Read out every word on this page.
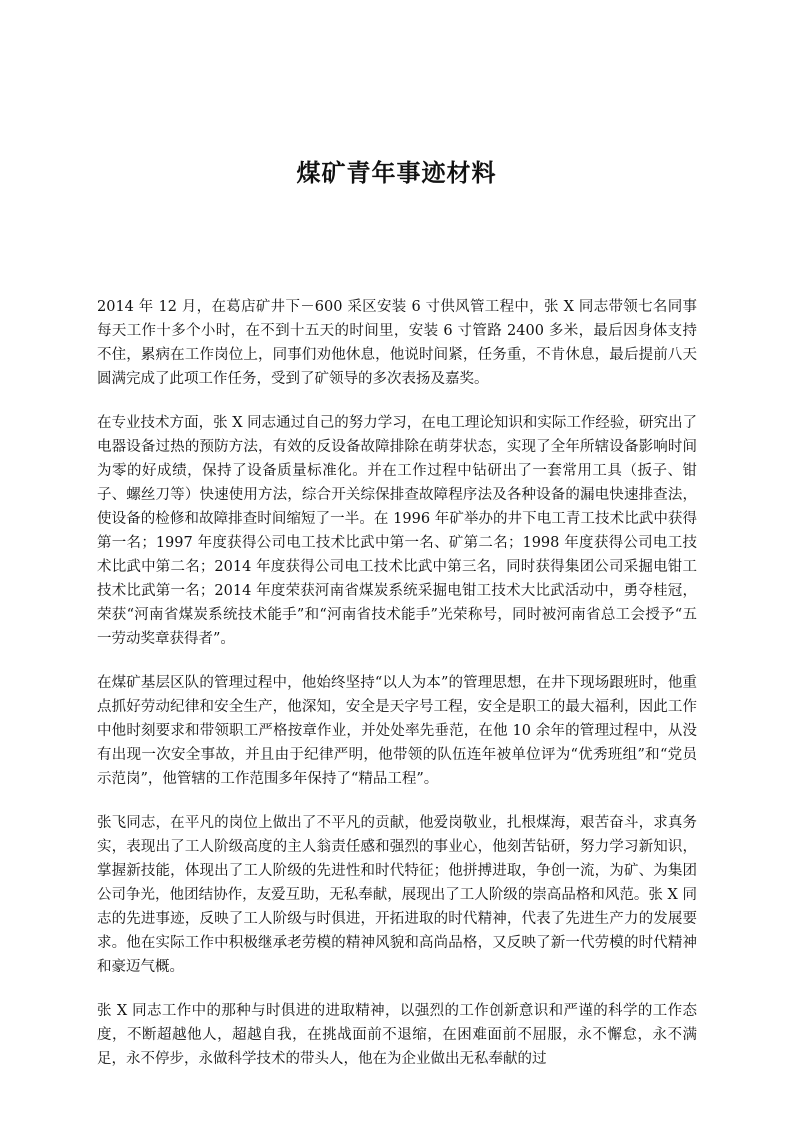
煤矿青年事迹材料

2014 年 12 月，在葛店矿井下－600 采区安装 6 寸供风管工程中，张 X 同志带领七名同事每天工作十多个小时，在不到十五天的时间里，安装 6 寸管路 2400 多米，最后因身体支持不住，累病在工作岗位上，同事们劝他休息，他说时间紧，任务重，不肯休息，最后提前八天圆满完成了此项工作任务，受到了矿领导的多次表扬及嘉奖。

在专业技术方面，张 X 同志通过自己的努力学习，在电工理论知识和实际工作经验，研究出了电器设备过热的预防方法，有效的反设备故障排除在萌芽状态，实现了全年所辖设备影响时间为零的好成绩，保持了设备质量标准化。并在工作过程中钻研出了一套常用工具（扳子、钳子、螺丝刀等）快速使用方法，综合开关综保排查故障程序法及各种设备的漏电快速排查法，使设备的检修和故障排查时间缩短了一半。在 1996 年矿举办的井下电工青工技术比武中获得第一名；1997 年度获得公司电工技术比武中第一名、矿第二名；1998 年度获得公司电工技术比武中第二名；2014 年度获得公司电工技术比武中第三名，同时获得集团公司采掘电钳工技术比武第一名；2014 年度荣获河南省煤炭系统采掘电钳工技术大比武活动中，勇夺桂冠，荣获“河南省煤炭系统技术能手”和“河南省技术能手”光荣称号，同时被河南省总工会授予“五一劳动奖章获得者”。

在煤矿基层区队的管理过程中，他始终坚持“以人为本”的管理思想，在井下现场跟班时，他重点抓好劳动纪律和安全生产，他深知，安全是天字号工程，安全是职工的最大福利，因此工作中他时刻要求和带领职工严格按章作业，并处处率先垂范，在他 10 余年的管理过程中，从没有出现一次安全事故，并且由于纪律严明，他带领的队伍连年被单位评为“优秀班组”和“党员示范岗”，他管辖的工作范围多年保持了“精品工程”。

张飞同志，在平凡的岗位上做出了不平凡的贡献，他爱岗敬业，扎根煤海，艰苦奋斗，求真务实，表现出了工人阶级高度的主人翁责任感和强烈的事业心，他刻苦钻研，努力学习新知识，掌握新技能，体现出了工人阶级的先进性和时代特征；他拼搏进取，争创一流，为矿、为集团公司争光，他团结协作，友爱互助，无私奉献，展现出了工人阶级的崇高品格和风范。张 X 同志的先进事迹，反映了工人阶级与时俱进，开拓进取的时代精神，代表了先进生产力的发展要求。他在实际工作中积极继承老劳模的精神风貌和高尚品格，又反映了新一代劳模的时代精神和豪迈气概。

张 X 同志工作中的那种与时俱进的进取精神，以强烈的工作创新意识和严谨的科学的工作态度，不断超越他人，超越自我，在挑战面前不退缩，在困难面前不屈服，永不懈怠，永不满足，永不停步，永做科学技术的带头人，他在为企业做出无私奉献的过
